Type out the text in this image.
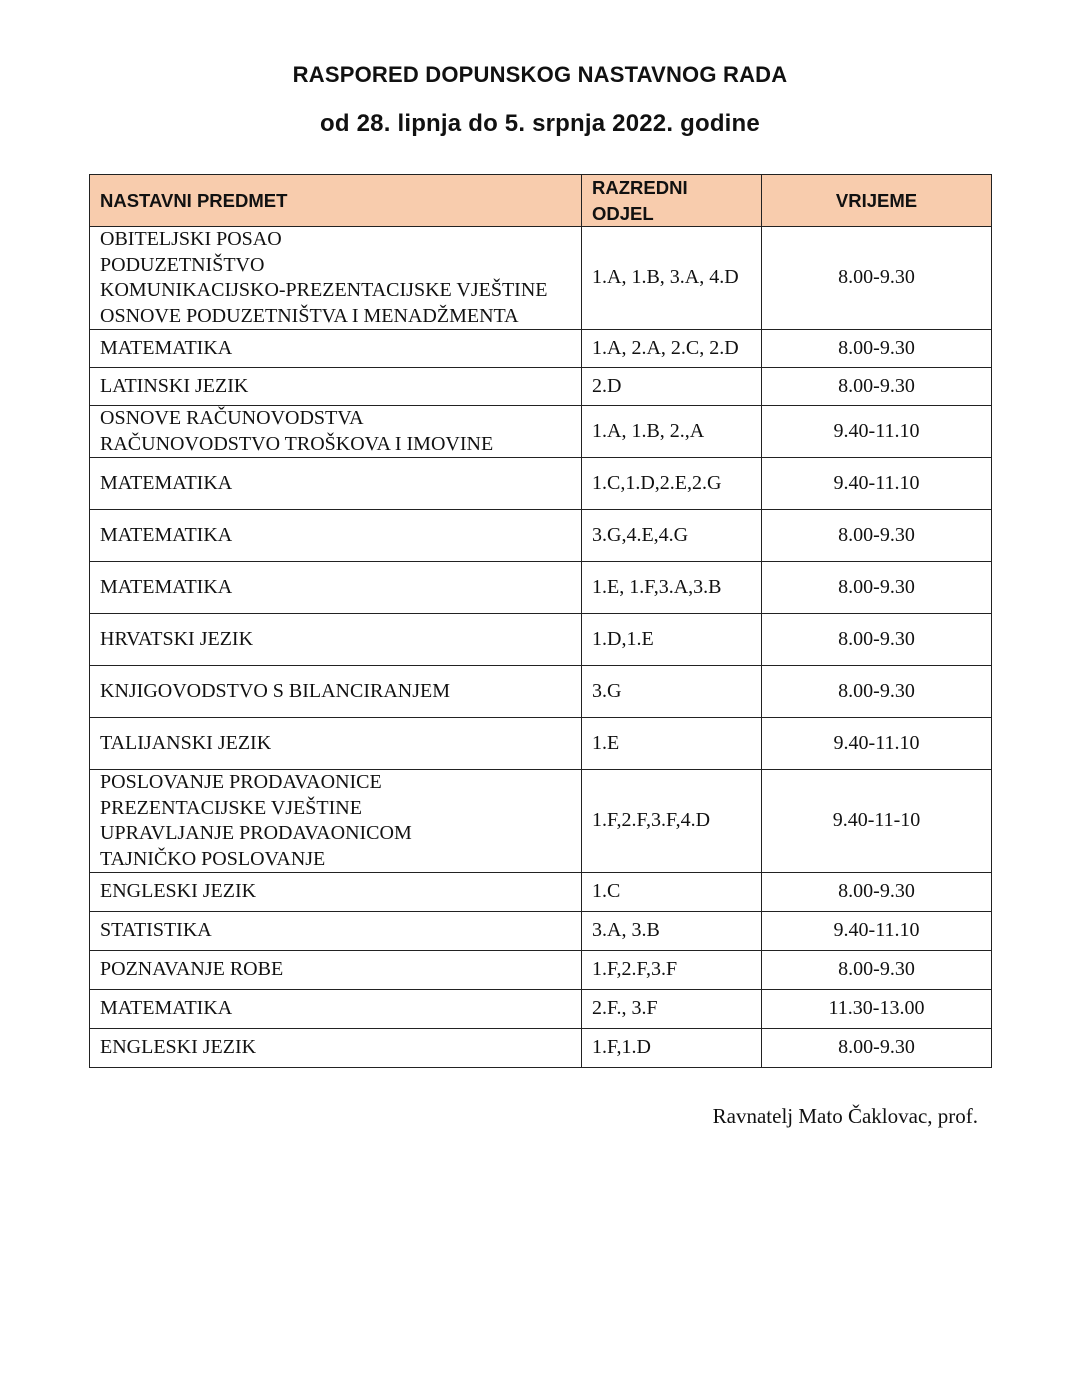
RASPORED DOPUNSKOG NASTAVNOG RADA
od 28. lipnja do 5. srpnja 2022. godine
NASTAVNI PREDMET	RAZREDNI ODJEL	VRIJEME

OBITELJSKI POSAO
PODUZETNIŠTVO
KOMUNIKACIJSKO-PREZENTACIJSKE VJEŠTINE
OSNOVE PODUZETNIŠTVA I MENADŽMENTA	1.A, 1.B, 3.A, 4.D	8.00-9.30

MATEMATIKA	1.A, 2.A, 2.C, 2.D	8.00-9.30

LATINSKI JEZIK	2.D	8.00-9.30

OSNOVE RAČUNOVODSTVA
RAČUNOVODSTVO TROŠKOVA I IMOVINE	1.A, 1.B, 2.,A	9.40-11.10

MATEMATIKA	1.C,1.D,2.E,2.G	9.40-11.10

MATEMATIKA	3.G,4.E,4.G	8.00-9.30

MATEMATIKA	1.E, 1.F,3.A,3.B	8.00-9.30

HRVATSKI JEZIK	1.D,1.E	8.00-9.30

KNJIGOVODSTVO S BILANCIRANJEM	3.G	8.00-9.30

TALIJANSKI JEZIK	1.E	9.40-11.10

POSLOVANJE PRODAVAONICE
PREZENTACIJSKE VJEŠTINE
UPRAVLJANJE PRODAVAONICOM
TAJNIČKO POSLOVANJE	1.F,2.F,3.F,4.D	9.40-11-10

ENGLESKI JEZIK	1.C	8.00-9.30

STATISTIKA	3.A, 3.B	9.40-11.10

POZNAVANJE ROBE	1.F,2.F,3.F	8.00-9.30

MATEMATIKA	2.F., 3.F	11.30-13.00

ENGLESKI JEZIK	1.F,1.D	8.00-9.30
Ravnatelj Mato Čaklovac, prof.
